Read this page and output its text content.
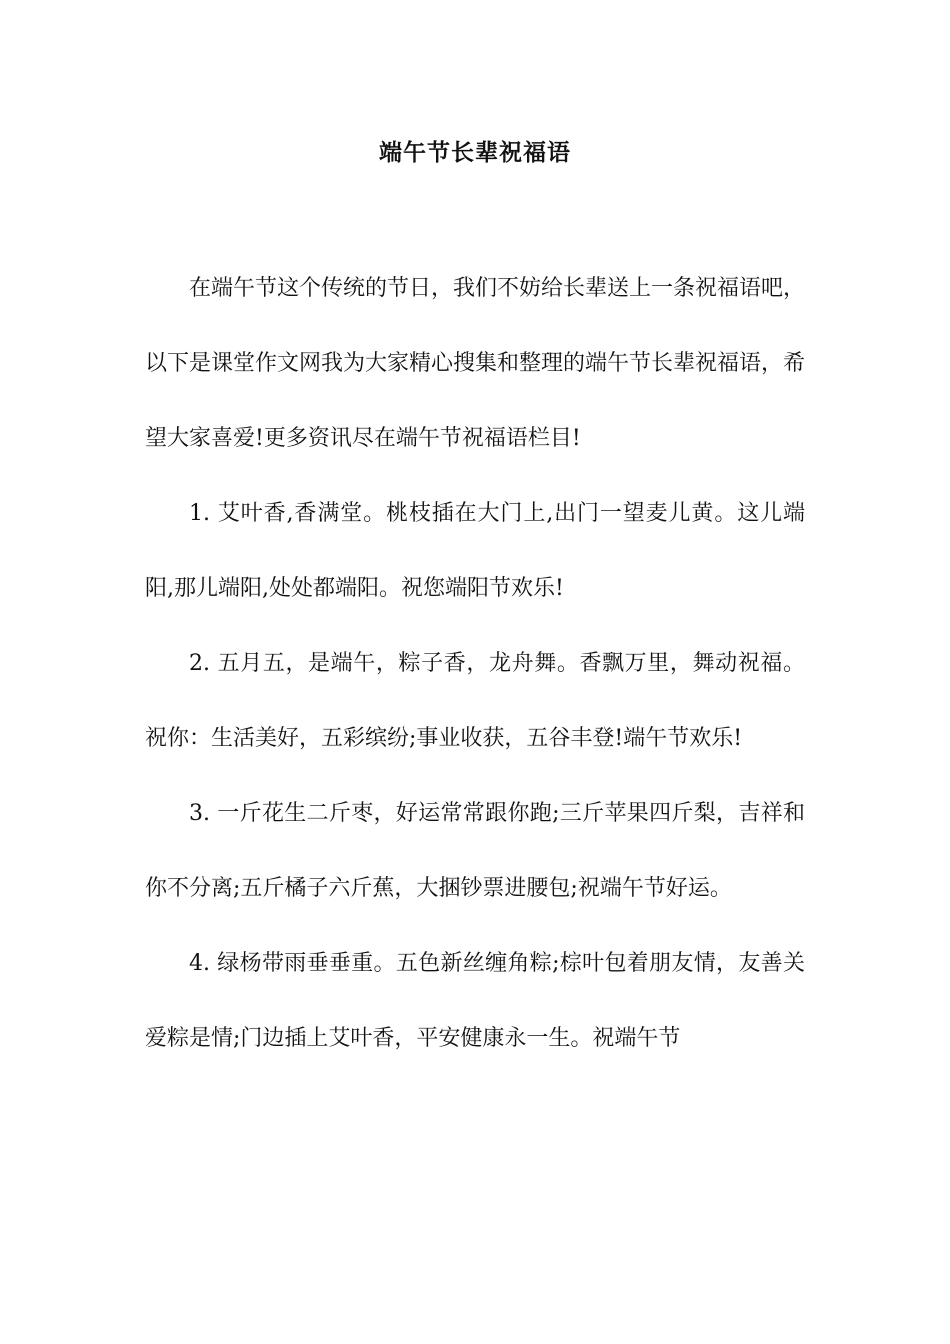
端午节长辈祝福语

在端午节这个传统的节日，我们不妨给长辈送上一条祝福语吧，以下是课堂作文网我为大家精心搜集和整理的端午节长辈祝福语，希望大家喜爱!更多资讯尽在端午节祝福语栏目!

1. 艾叶香,香满堂。桃枝插在大门上,出门一望麦儿黄。这儿端阳,那儿端阳,处处都端阳。祝您端阳节欢乐!

2. 五月五，是端午，粽子香，龙舟舞。香飘万里，舞动祝福。祝你：生活美好，五彩缤纷;事业收获，五谷丰登!端午节欢乐!

3. 一斤花生二斤枣，好运常常跟你跑;三斤苹果四斤梨，吉祥和你不分离;五斤橘子六斤蕉，大捆钞票进腰包;祝端午节好运。

4. 绿杨带雨垂垂重。五色新丝缠角粽;棕叶包着朋友情，友善关爱粽是情;门边插上艾叶香，平安健康永一生。祝端午节
